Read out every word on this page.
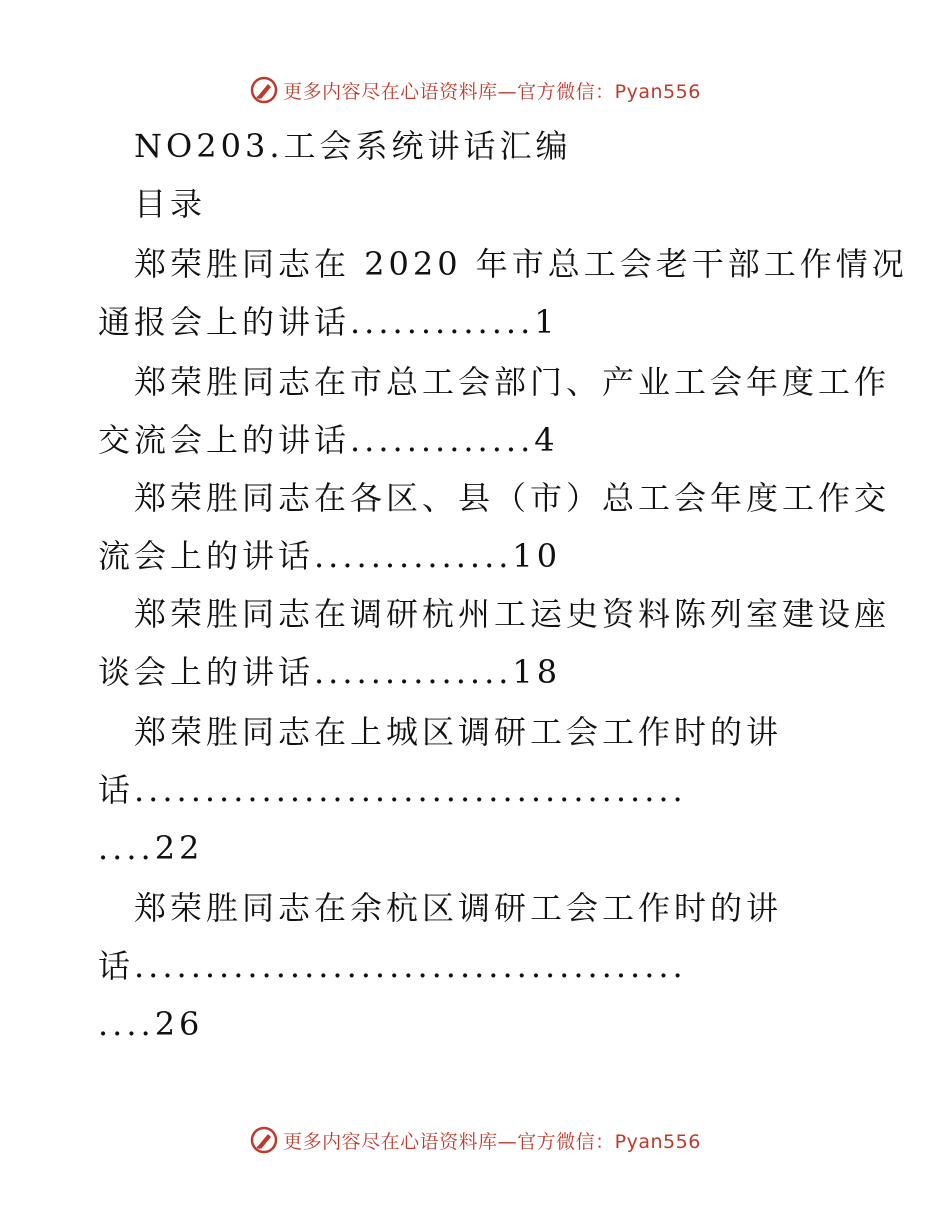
更多内容尽在心语资料库—官方微信：Pyan556
NO203.工会系统讲话汇编
目录
郑荣胜同志在 2020 年市总工会老干部工作情况
通报会上的讲话.............1
郑荣胜同志在市总工会部门、产业工会年度工作
交流会上的讲话.............4
郑荣胜同志在各区、县（市）总工会年度工作交
流会上的讲话..............10
郑荣胜同志在调研杭州工运史资料陈列室建设座
谈会上的讲话..............18
郑荣胜同志在上城区调研工会工作时的讲
话.......................................
....22
郑荣胜同志在余杭区调研工会工作时的讲
话.......................................
....26
更多内容尽在心语资料库—官方微信：Pyan556
